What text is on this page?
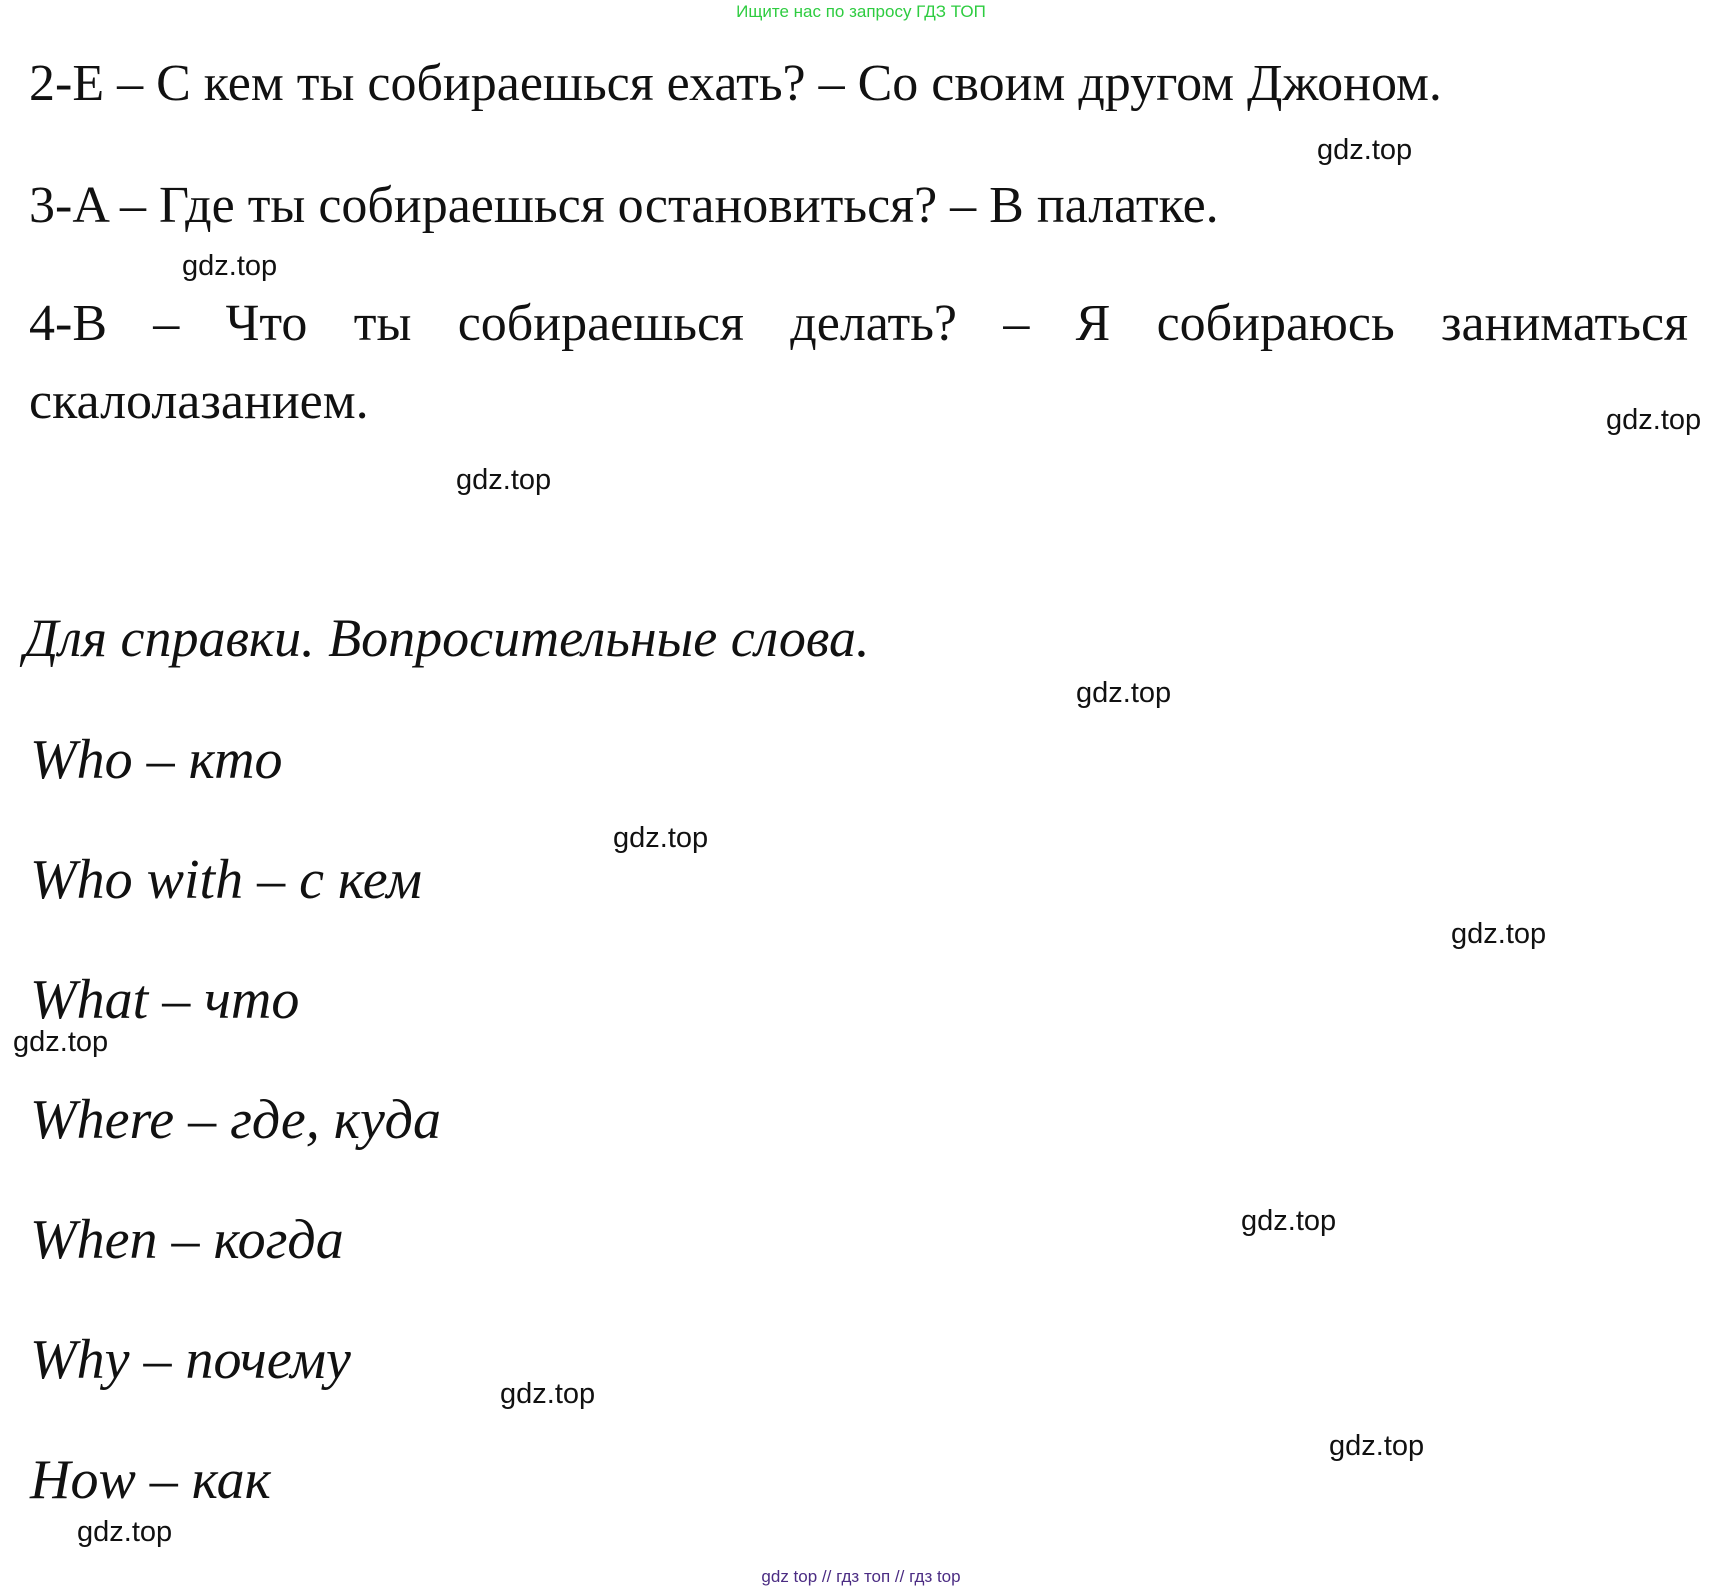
Ищите нас по запросу ГДЗ ТОП
2-E – С кем ты собираешься ехать? – Со своим другом Джоном.
3-A – Где ты собираешься остановиться? – В палатке.
4-B – Что ты собираешься делать? – Я собираюсь заниматься скалолазанием.
Для справки. Вопросительные слова.
Who – кто
Who with – с кем
What – что
Where – где, куда
When – когда
Why – почему
How – как
gdz.top
gdz.top
gdz.top
gdz.top
gdz.top
gdz.top
gdz.top
gdz.top
gdz.top
gdz.top
gdz.top
gdz.top
gdz top // гдз топ // гдз top
